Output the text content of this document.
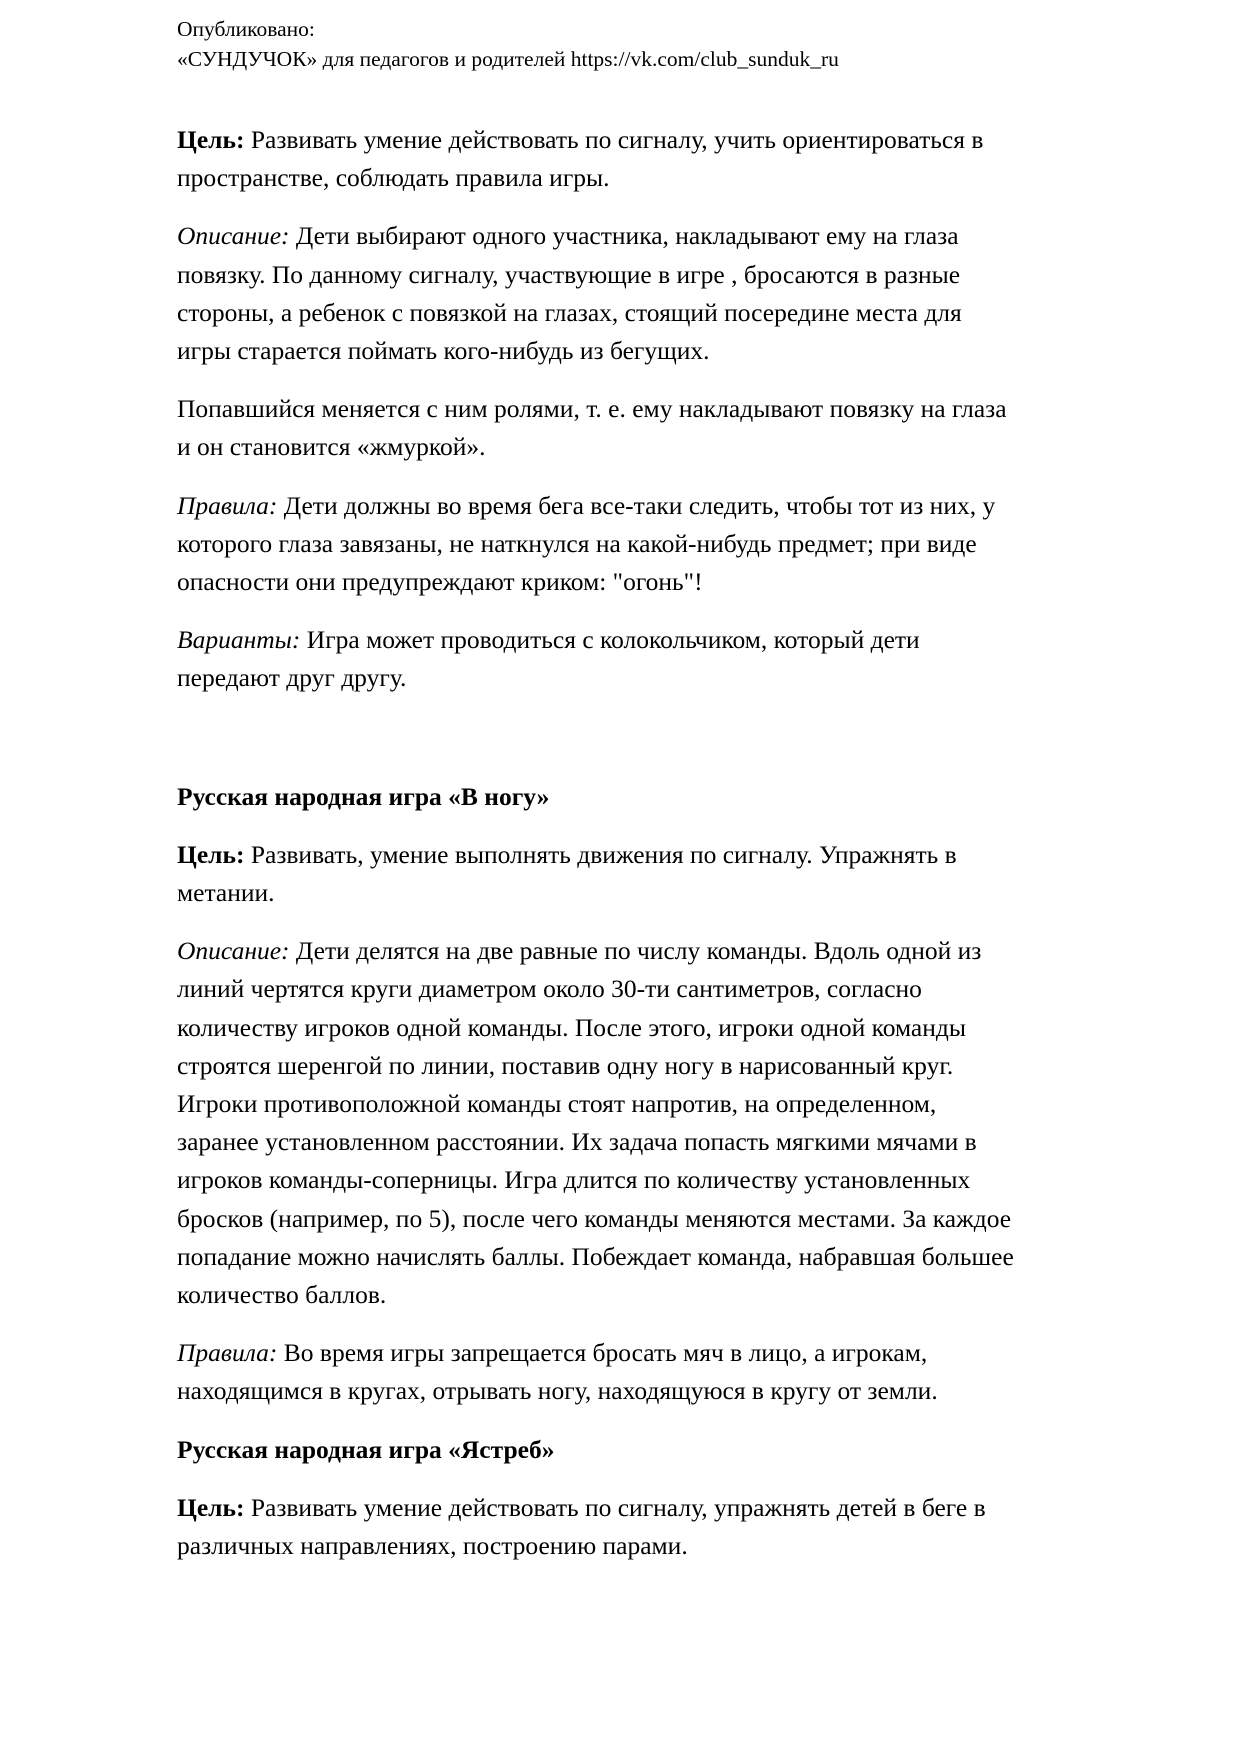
Опубликовано:
«СУНДУЧОК» для педагогов и родителей https://vk.com/club_sunduk_ru

Цель: Развивать умение действовать по сигналу, учить ориентироваться в
пространстве, соблюдать правила игры.

Описание: Дети выбирают одного участника, накладывают ему на глаза
повязку. По данному сигналу, участвующие в игре , бросаются в разные
стороны, а ребенок с повязкой на глазах, стоящий посередине места для
игры старается поймать кого-нибудь из бегущих.

Попавшийся меняется с ним ролями, т. е. ему накладывают повязку на глаза
и он становится «жмуркой».

Правила: Дети должны во время бега все-таки следить, чтобы тот из них, у
которого глаза завязаны, не наткнулся на какой-нибудь предмет; при виде
опасности они предупреждают криком: "огонь"!

Варианты: Игра может проводиться с колокольчиком, который дети
передают друг другу.

Русская народная игра «В ногу»

Цель: Развивать, умение выполнять движения по сигналу. Упражнять в
метании.

Описание: Дети делятся на две равные по числу команды. Вдоль одной из
линий чертятся круги диаметром около 30-ти сантиметров, согласно
количеству игроков одной команды. После этого, игроки одной команды
строятся шеренгой по линии, поставив одну ногу в нарисованный круг.
Игроки противоположной команды стоят напротив, на определенном,
заранее установленном расстоянии. Их задача попасть мягкими мячами в
игроков команды-соперницы. Игра длится по количеству установленных
бросков (например, по 5), после чего команды меняются местами. За каждое
попадание можно начислять баллы. Побеждает команда, набравшая большее
количество баллов.

Правила: Во время игры запрещается бросать мяч в лицо, а игрокам,
находящимся в кругах, отрывать ногу, находящуюся в кругу от земли.

Русская народная игра «Ястреб»

Цель: Развивать умение действовать по сигналу, упражнять детей в беге в
различных направлениях, построению парами.
